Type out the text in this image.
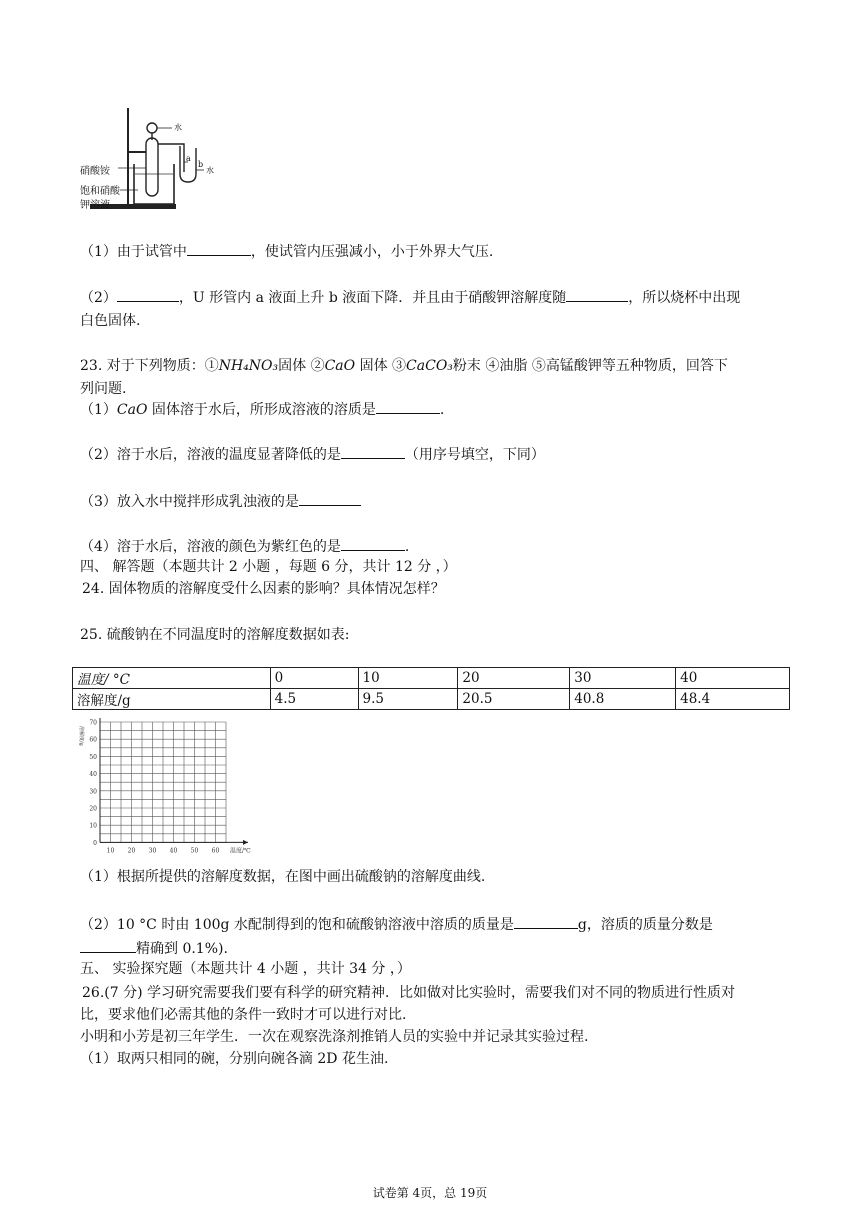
硝酸铵
饱和硝酸
钾溶液
水
a
b
水
（1）由于试管中	，使试管内压强减小，小于外界大气压.
（2）	，U 形管内 a 液面上升 b 液面下降．并且由于硝酸钾溶解度随	，所以烧杯中出现
白色固体.
23. 对于下列物质：①NH₄NO₃固体 ②CaO 固体 ③CaCO₃粉末 ④油脂 ⑤高锰酸钾等五种物质，回答下
列问题.
（1）CaO 固体溶于水后，所形成溶液的溶质是	.
（2）溶于水后，溶液的温度显著降低的是	（用序号填空，下同）
（3）放入水中搅拌形成乳浊液的是
（4）溶于水后，溶液的颜色为紫红色的是	.
四、 解答题（本题共计 2 小题 ，每题 6 分，共计 12 分 ，）
24. 固体物质的溶解度受什么因素的影响？具体情况怎样？
25. 硫酸钠在不同温度时的溶解度数据如表:
温度/ °C	0	10	20	30	40
溶解度/g	4.5	9.5	20.5	40.8	48.4
70
60
50
40
30
20
10
0
10 20 30 40 50 60
溶解度/g
温度/℃
（1）根据所提供的溶解度数据，在图中画出硫酸钠的溶解度曲线.
（2）10 °C 时由 100g 水配制得到的饱和硫酸钠溶液中溶质的质量是	g，溶质的质量分数是
精确到 0.1%).
五、 实验探究题（本题共计 4 小题 ，共计 34 分 ，）
26.(7 分) 学习研究需要我们要有科学的研究精神．比如做对比实验时，需要我们对不同的物质进行性质对
比，要求他们必需其他的条件一致时才可以进行对比.
小明和小芳是初三年学生．一次在观察洗涤剂推销人员的实验中并记录其实验过程.
（1）取两只相同的碗，分别向碗各滴 2D 花生油.
试卷第 4页，总 19页
